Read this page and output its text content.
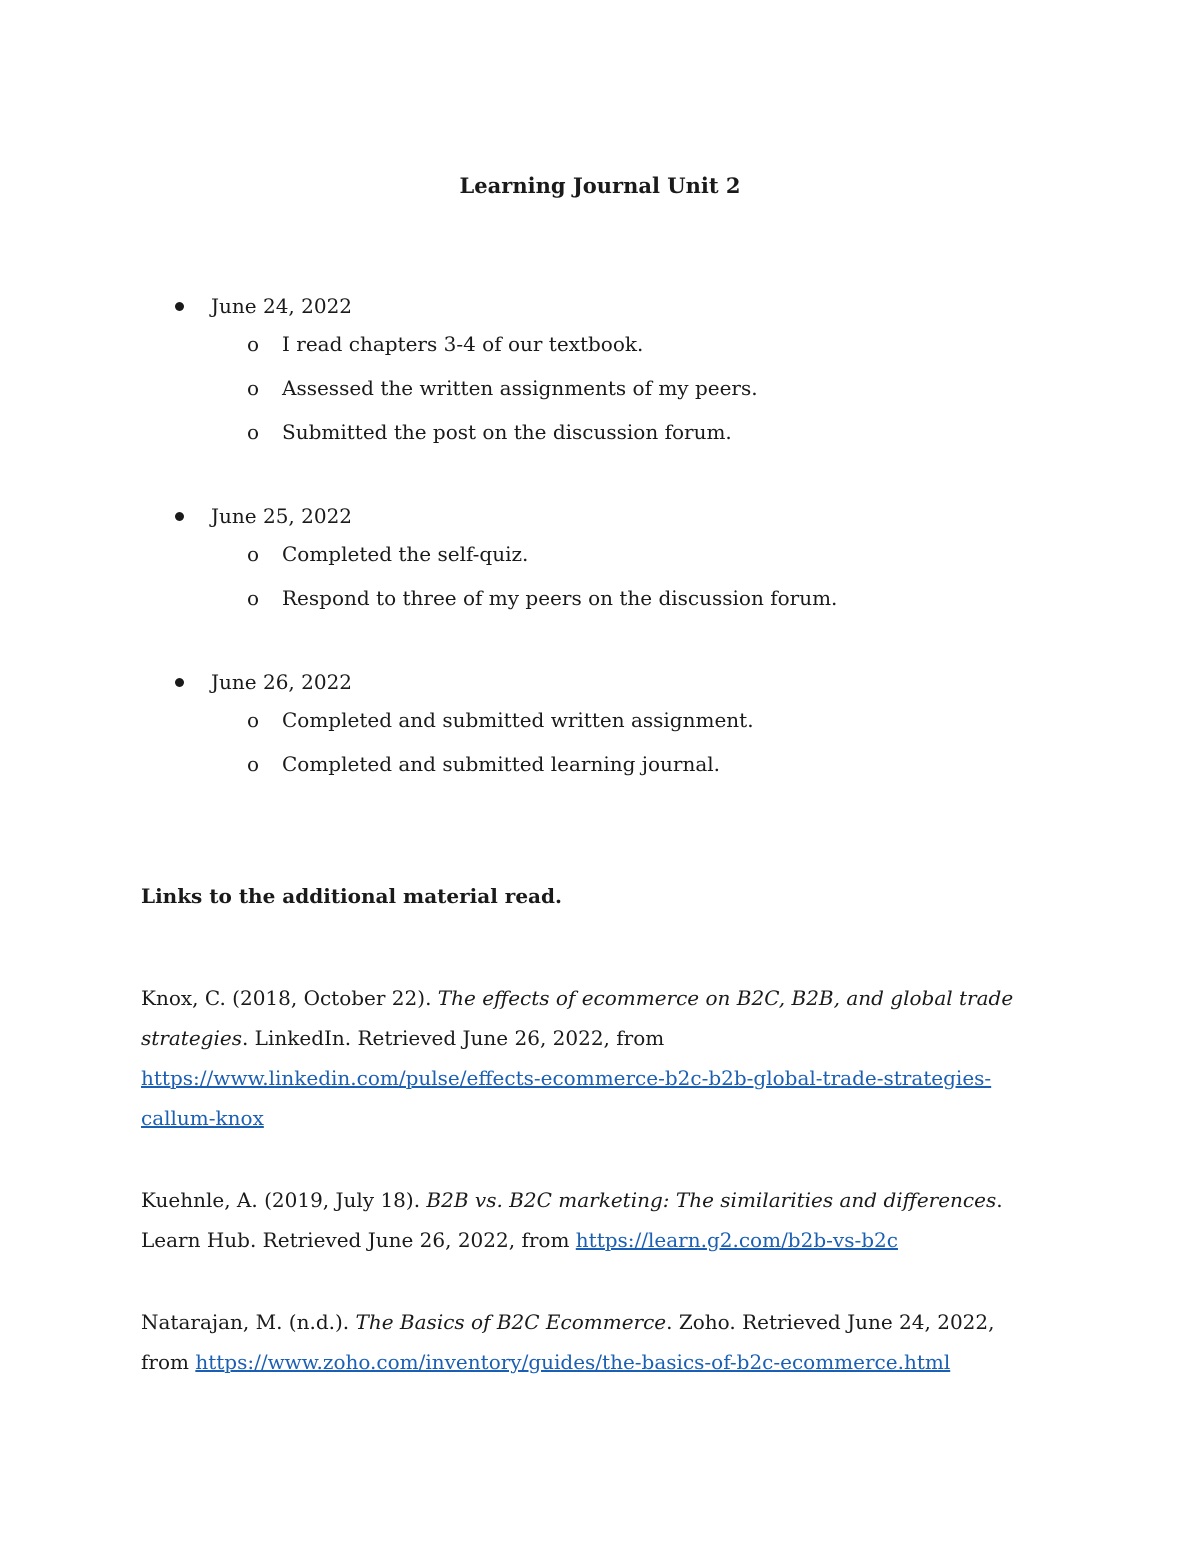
Learning Journal Unit 2
June 24, 2022
o I read chapters 3-4 of our textbook.
o Assessed the written assignments of my peers.
o Submitted the post on the discussion forum.
June 25, 2022
o Completed the self-quiz.
o Respond to three of my peers on the discussion forum.
June 26, 2022
o Completed and submitted written assignment.
o Completed and submitted learning journal.
Links to the additional material read.

Knox, C. (2018, October 22). The effects of ecommerce on B2C, B2B, and global trade strategies. LinkedIn. Retrieved June 26, 2022, from https://www.linkedin.com/pulse/effects-ecommerce-b2c-b2b-global-trade-strategies-callum-knox

Kuehnle, A. (2019, July 18). B2B vs. B2C marketing: The similarities and differences. Learn Hub. Retrieved June 26, 2022, from https://learn.g2.com/b2b-vs-b2c

Natarajan, M. (n.d.). The Basics of B2C Ecommerce. Zoho. Retrieved June 24, 2022, from https://www.zoho.com/inventory/guides/the-basics-of-b2c-ecommerce.html
